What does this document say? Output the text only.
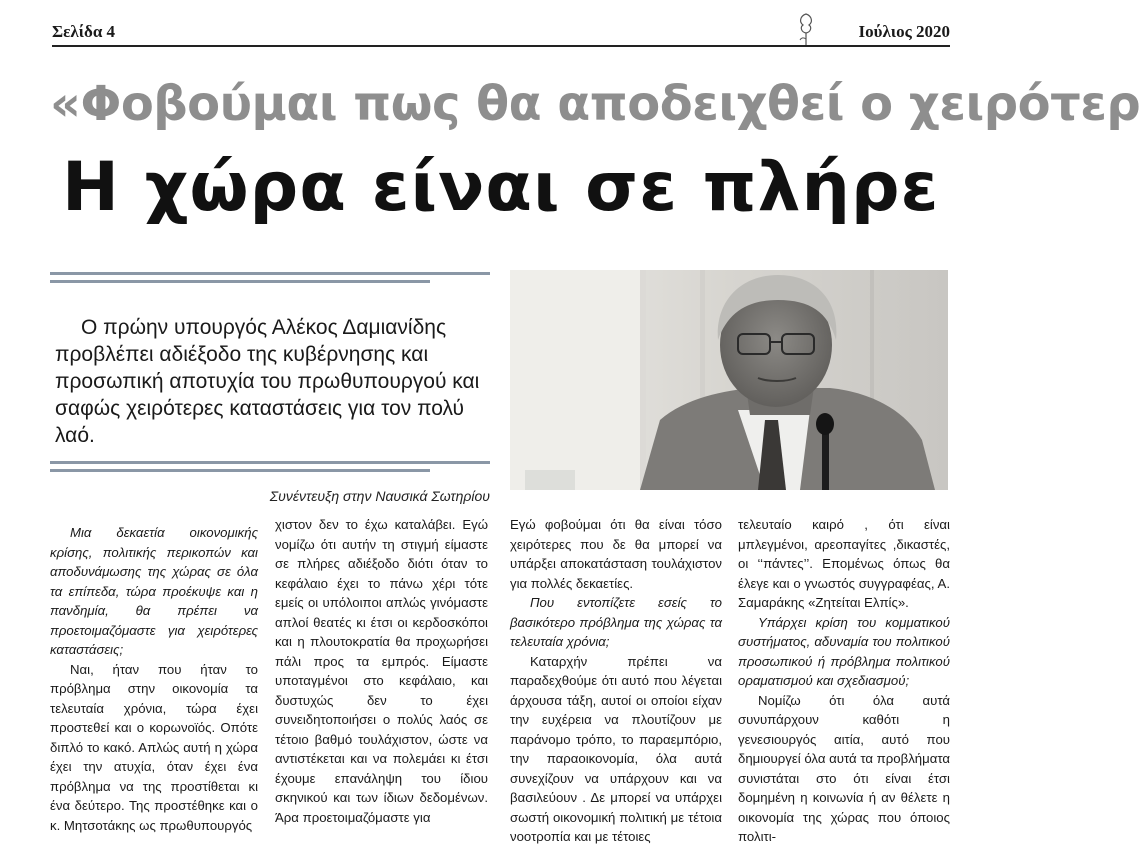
Σελίδα 4	Ιούλιος 2020
«Φοβούμαι πως θα αποδειχθεί ο χειρότερ
Η χώρα είναι σε πλήρε

Ο πρώην υπουργός Αλέκος Δαμιανίδης προβλέπει αδιέξοδο της κυβέρνησης και προσωπική αποτυχία του πρωθυπουργού και σαφώς χειρότερες καταστάσεις για τον πολύ λαό.

Συνέντευξη στην Ναυσικά Σωτηρίου

Μια δεκαετία οικονομικής κρίσης, πολιτικής περικοπών και αποδυνάμωσης της χώρας σε όλα τα επίπεδα, τώρα προέκυψε και η πανδημία, θα πρέπει να προετοιμαζόμαστε για χειρότερες καταστάσεις;

Ναι, ήταν που ήταν το πρόβλημα στην οικονομία τα τελευταία χρόνια, τώρα έχει προστεθεί και ο κορωνοϊός. Οπότε διπλό το κακό. Απλώς αυτή η χώρα έχει την ατυχία, όταν έχει ένα πρόβλημα να της προστίθεται κι ένα δεύτερο. Της προστέθηκε και ο κ. Μητσοτάκης ως πρωθυπουργός

χιστον δεν το έχω καταλάβει. Εγώ νομίζω ότι αυτήν τη στιγμή είμαστε σε πλήρες αδιέξοδο διότι όταν το κεφάλαιο έχει το πάνω χέρι τότε εμείς οι υπόλοιποι απλώς γινόμαστε απλοί θεατές κι έτσι οι κερδοσκόποι και η πλουτοκρατία θα προχωρήσει πάλι προς τα εμπρός. Είμαστε υποταγμένοι στο κεφάλαιο, και δυστυχώς δεν το έχει συνειδητοποιήσει ο πολύς λαός σε τέτοιο βαθμό τουλάχιστον, ώστε να αντιστέκεται και να πολεμάει κι έτσι έχουμε επανάληψη του ίδιου σκηνικού και των ίδιων δεδομένων. Άρα προετοιμαζόμαστε για

Εγώ φοβούμαι ότι θα είναι τόσο χειρότερες που δε θα μπορεί να υπάρξει αποκατάσταση τουλάχιστον για πολλές δεκαετίες.

Που εντοπίζετε εσείς το βασικότερο πρόβλημα της χώρας τα τελευταία χρόνια;

Καταρχήν πρέπει να παραδεχθούμε ότι αυτό που λέγεται άρχουσα τάξη, αυτοί οι οποίοι είχαν την ευχέρεια να πλουτίζουν με παράνομο τρόπο, το παραεμπόριο, την παραοικονομία, όλα αυτά συνεχίζουν να υπάρχουν και να βασιλεύουν . Δε μπορεί να υπάρχει σωστή οικονομική πολιτική με τέτοια νοοτροπία και με τέτοιες

τελευταίο καιρό , ότι είναι μπλεγμένοι, αρεοπαγίτες ,δικαστές, οι ‘‘πάντες’’. Επομένως όπως θα έλεγε και ο γνωστός συγγραφέας, Α. Σαμαράκης «Ζητείται Ελπίς».

Υπάρχει κρίση του κομματικού συστήματος, αδυναμία του πολιτικού προσωπικού ή πρόβλημα πολιτικού οραματισμού και σχεδιασμού;

Νομίζω ότι όλα αυτά συνυπάρχουν καθότι η γενεσιουργός αιτία, αυτό που δημιουργεί όλα αυτά τα προβλήματα συνιστάται στο ότι είναι έτσι δομημένη η κοινωνία ή αν θέλετε η οικονομία της χώρας που όποιος πολιτι-
